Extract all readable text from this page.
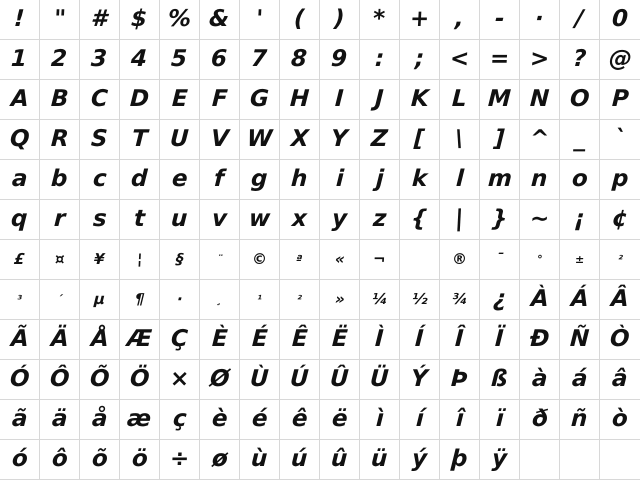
! " # $ % & ' ( ) * + , - · / 0
1 2 3 4 5 6 7 8 9 : ; < = > ? @
A B C D E F G H I J K L M N O P
Q R S T U V W X Y Z [ \ ] ^ _ `
a b c d e f g h i j k l m n o p
q r s t u v w x y z { | } ~ ¡ ¢
£ ¤ ¥ ¦ §	¨ ©	ª « ¬  ® ¯	°	±	²
³	´ µ ¶ ·	¸	¹	² » ¼ ½ ¾ ¿ À Á Â
Ã Ä Å Æ Ç È É Ê Ë Ì Í Î Ï Ð Ñ Ò
Ó Ô Õ Ö × Ø Ù Ú Û Ü Ý Þ ß à á â
ã ä å æ ç è é ê ë ì í î ï ð ñ ò
ó ô õ ö ÷ ø ù ú û ü ý þ ÿ
